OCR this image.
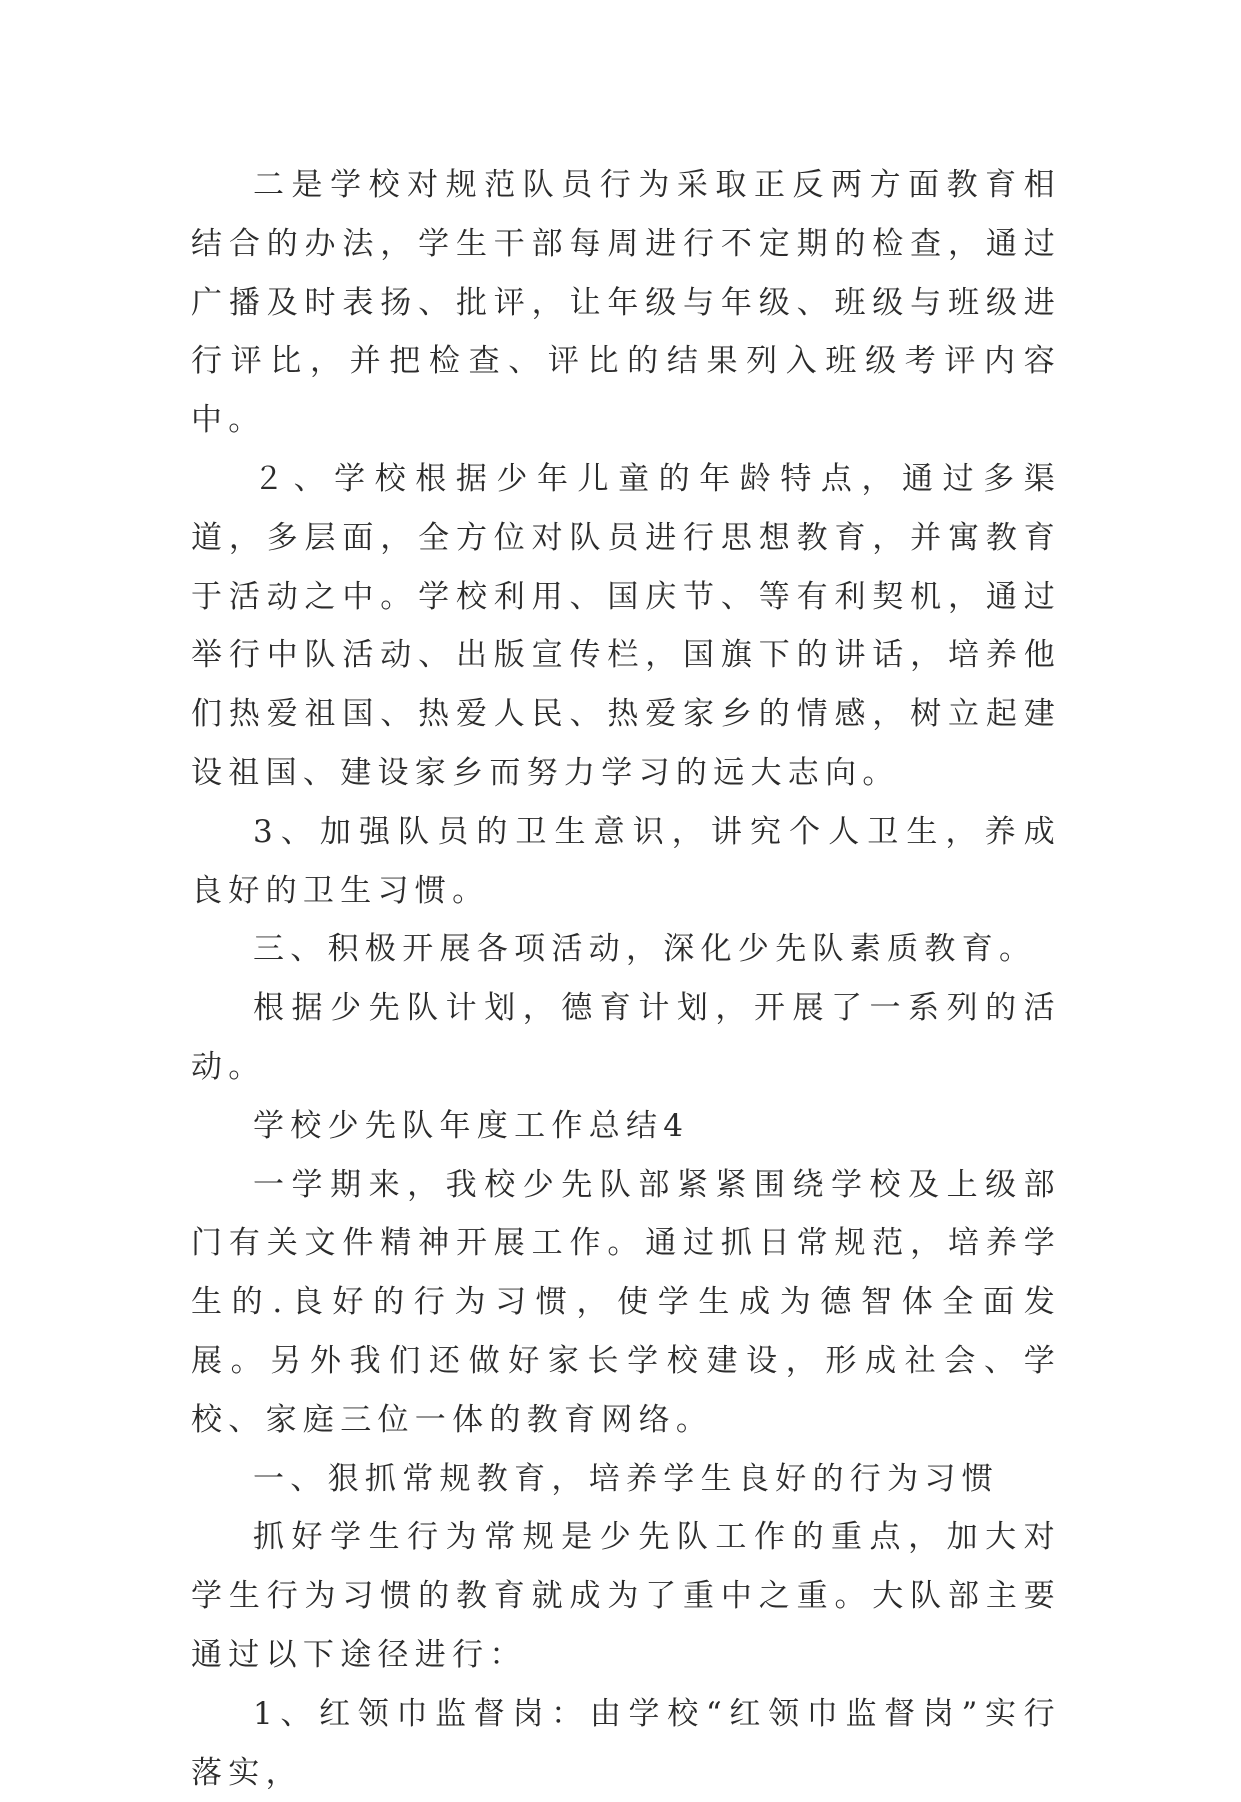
二是学校对规范队员行为采取正反两方面教育相结合的办法，学生干部每周进行不定期的检查，通过广播及时表扬、批评，让年级与年级、班级与班级进行评比，并把检查、评比的结果列入班级考评内容中。

２、学校根据少年儿童的年龄特点，通过多渠道，多层面，全方位对队员进行思想教育，并寓教育于活动之中。学校利用、国庆节、等有利契机，通过举行中队活动、出版宣传栏，国旗下的讲话，培养他们热爱祖国、热爱人民、热爱家乡的情感，树立起建设祖国、建设家乡而努力学习的远大志向。

3、加强队员的卫生意识，讲究个人卫生，养成良好的卫生习惯。

三、积极开展各项活动，深化少先队素质教育。

根据少先队计划，德育计划，开展了一系列的活动。

学校少先队年度工作总结4

一学期来，我校少先队部紧紧围绕学校及上级部门有关文件精神开展工作。通过抓日常规范，培养学生的.良好的行为习惯，使学生成为德智体全面发展。另外我们还做好家长学校建设，形成社会、学校、家庭三位一体的教育网络。

一、狠抓常规教育，培养学生良好的行为习惯

抓好学生行为常规是少先队工作的重点，加大对学生行为习惯的教育就成为了重中之重。大队部主要通过以下途径进行：

1、红领巾监督岗：由学校“红领巾监督岗”实行落实，
